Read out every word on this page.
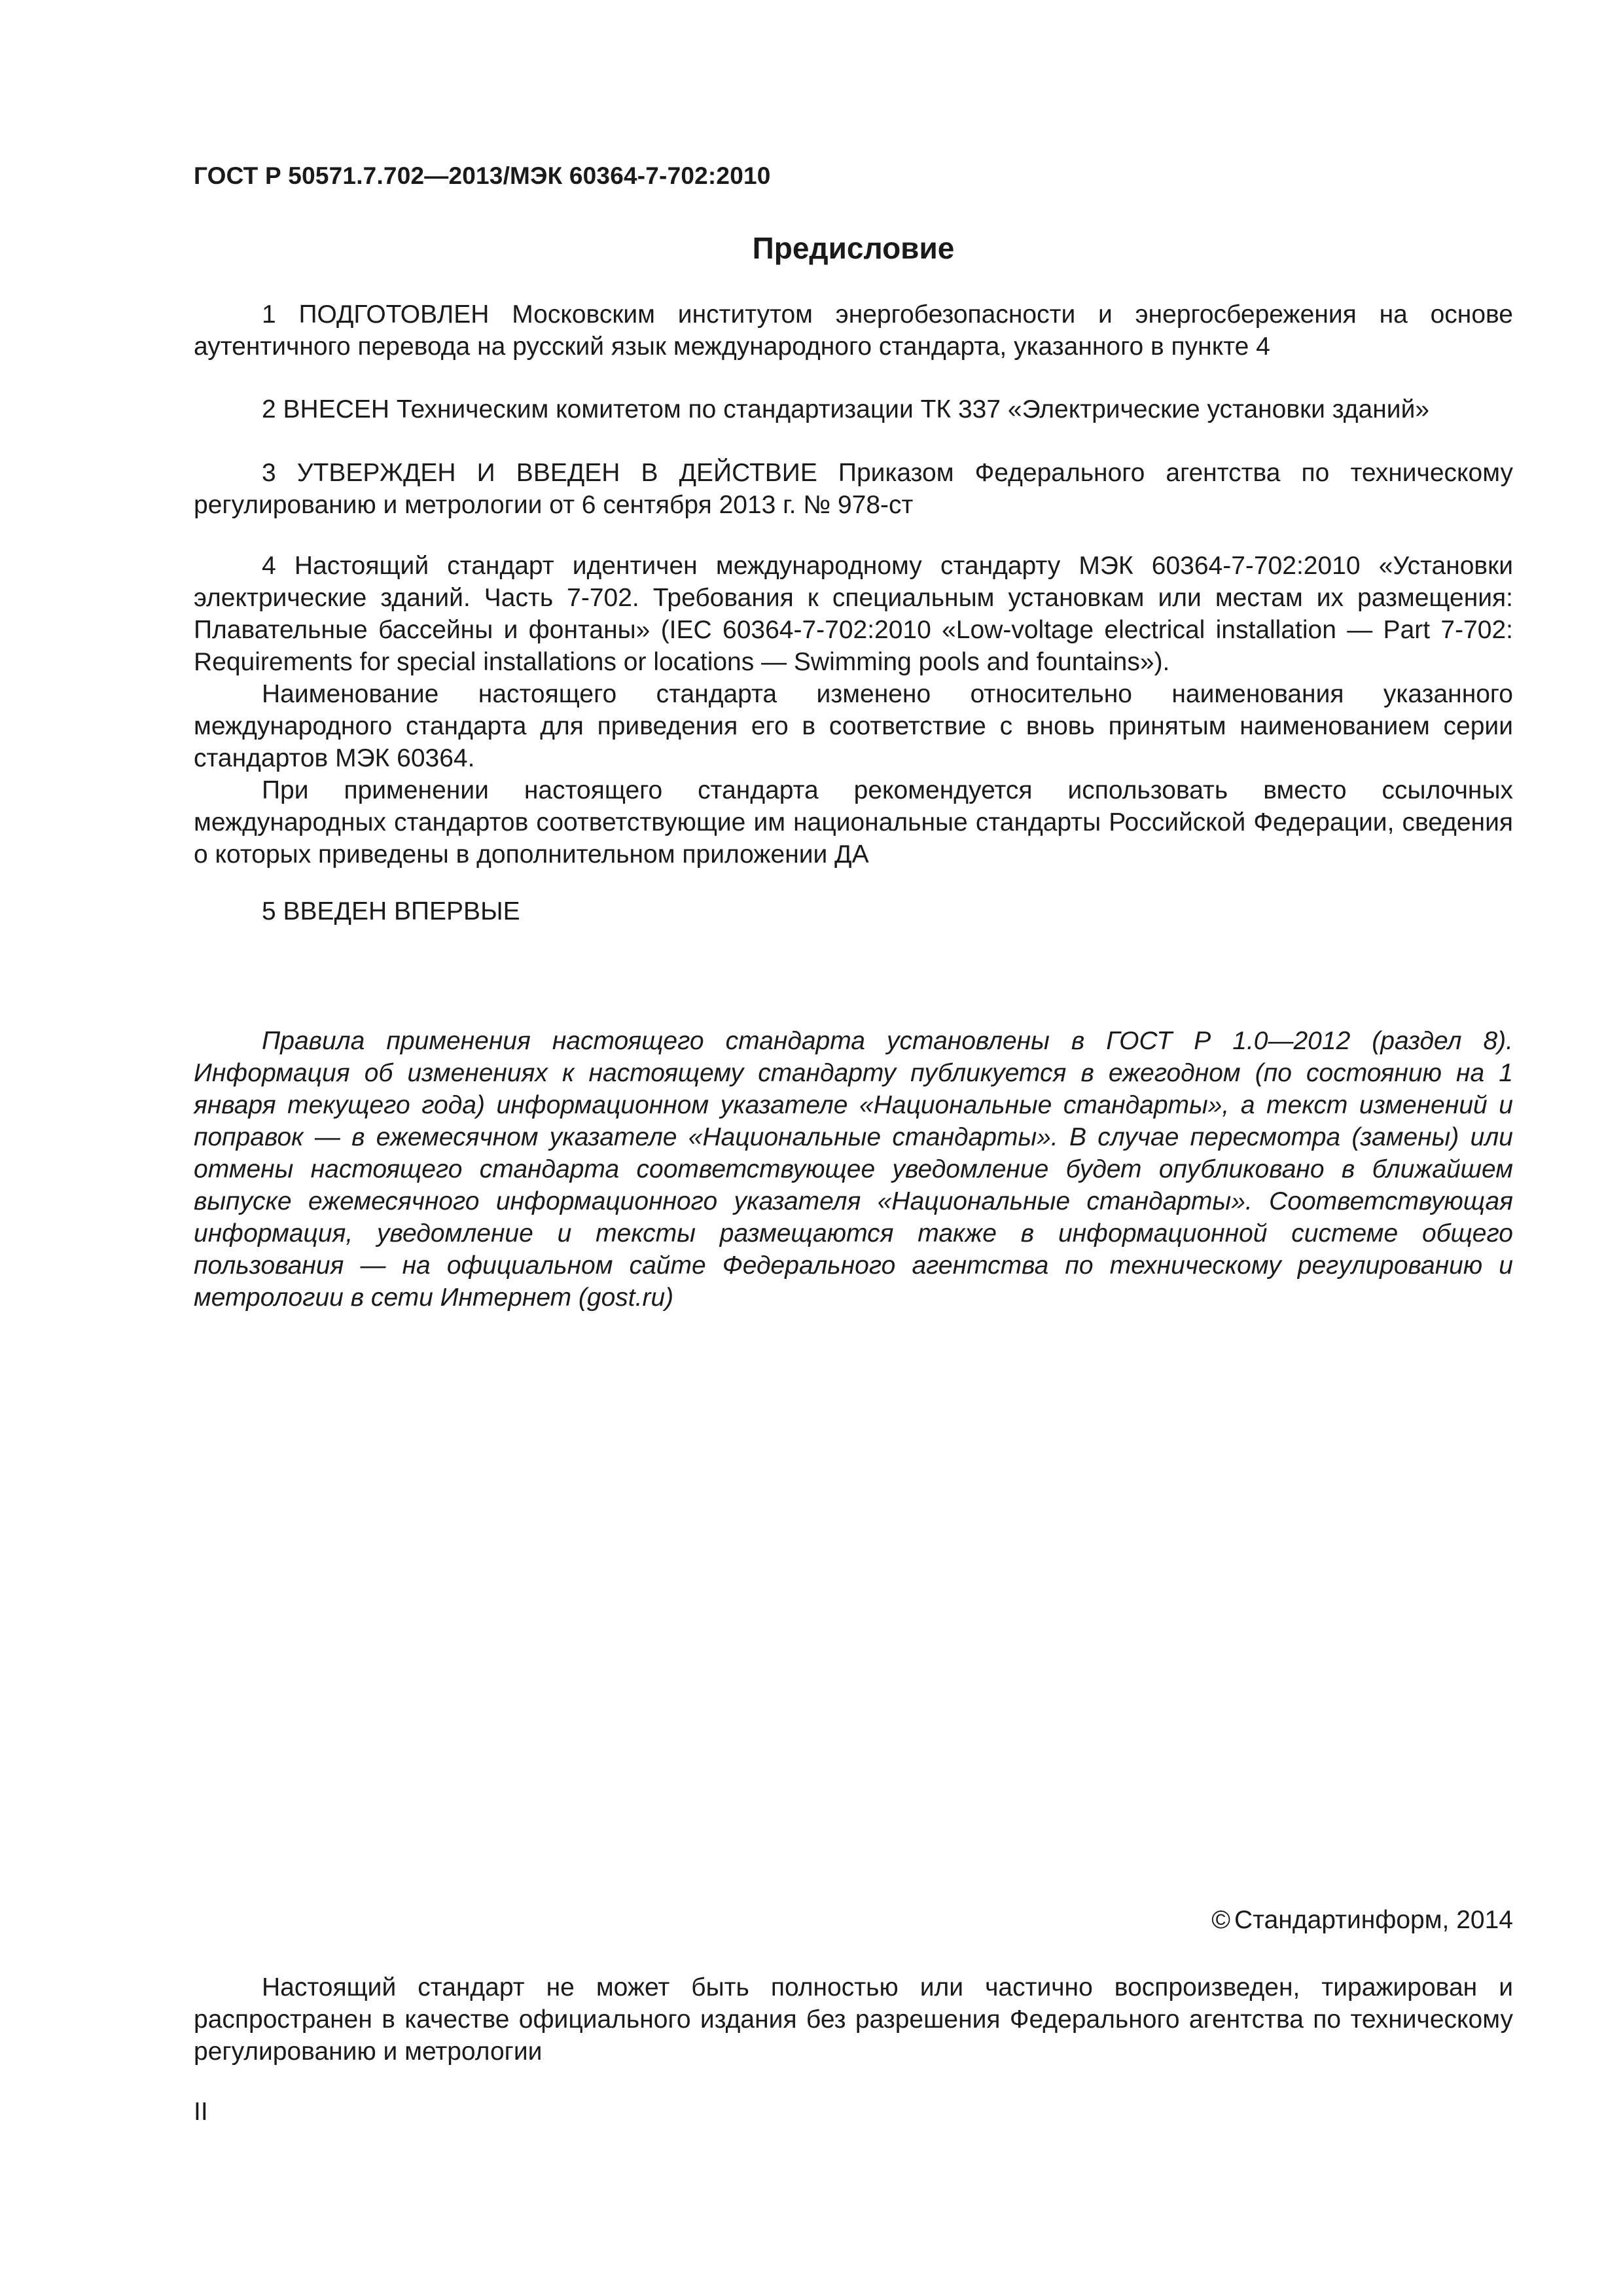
ГОСТ Р 50571.7.702—2013/МЭК 60364-7-702:2010
Предисловие

1 ПОДГОТОВЛЕН Московским институтом энергобезопасности и энергосбережения на основе аутентичного перевода на русский язык международного стандарта, указанного в пункте 4

2 ВНЕСЕН Техническим комитетом по стандартизации ТК 337 «Электрические установки зданий»

3 УТВЕРЖДЕН И ВВЕДЕН В ДЕЙСТВИЕ Приказом Федерального агентства по техническому регулированию и метрологии от 6 сентября 2013 г. № 978-ст

4 Настоящий стандарт идентичен международному стандарту МЭК 60364-7-702:2010 «Установки электрические зданий. Часть 7-702. Требования к специальным установкам или местам их размещения: Плавательные бассейны и фонтаны» (IEC 60364-7-702:2010 «Low-voltage electrical installation — Part 7-702: Requirements for special installations or locations — Swimming pools and fountains»).

Наименование настоящего стандарта изменено относительно наименования указанного международного стандарта для приведения его в соответствие с вновь принятым наименованием серии стандартов МЭК 60364.

При применении настоящего стандарта рекомендуется использовать вместо ссылочных международных стандартов соответствующие им национальные стандарты Российской Федерации, сведения о которых приведены в дополнительном приложении ДА

5 ВВЕДЕН ВПЕРВЫЕ

Правила применения настоящего стандарта установлены в ГОСТ Р 1.0—2012 (раздел 8). Информация об изменениях к настоящему стандарту публикуется в ежегодном (по состоянию на 1 января текущего года) информационном указателе «Национальные стандарты», а текст изменений и поправок — в ежемесячном указателе «Национальные стандарты». В случае пересмотра (замены) или отмены настоящего стандарта соответствующее уведомление будет опубликовано в ближайшем выпуске ежемесячного информационного указателя «Национальные стандарты». Соответствующая информация, уведомление и тексты размещаются также в информационной системе общего пользования — на официальном сайте Федерального агентства по техническому регулированию и метрологии в сети Интернет (gost.ru)

© Стандартинформ, 2014

Настоящий стандарт не может быть полностью или частично воспроизведен, тиражирован и распространен в качестве официального издания без разрешения Федерального агентства по техническому регулированию и метрологии

II
